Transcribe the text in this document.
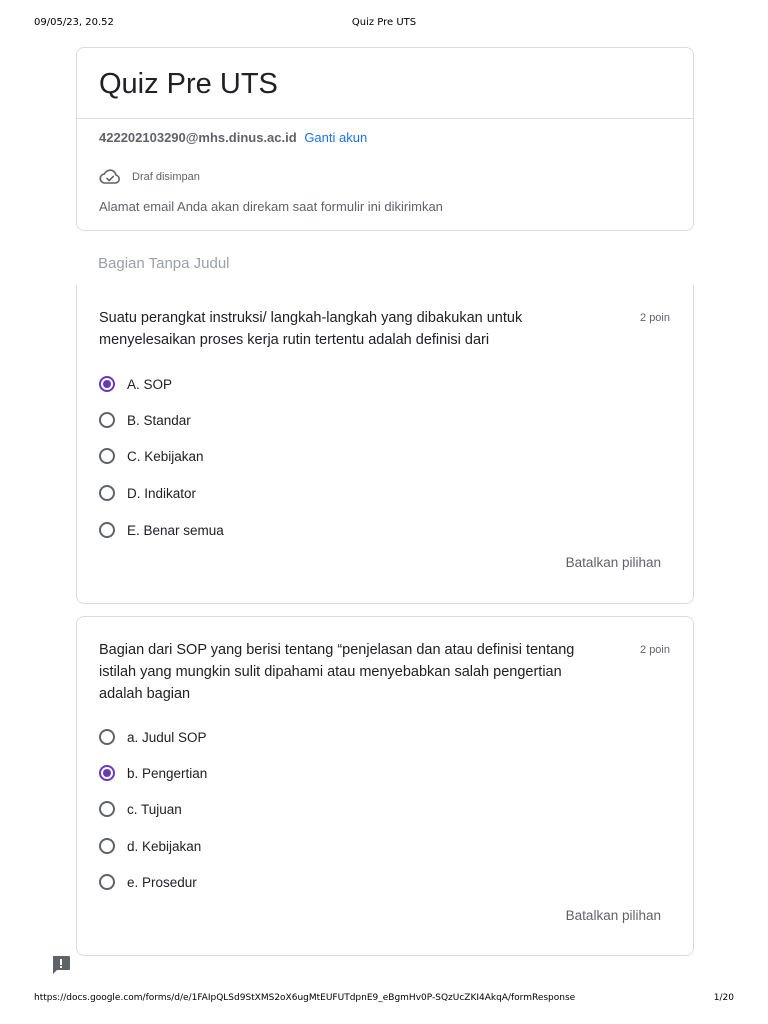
09/05/23, 20.52	Quiz Pre UTS
Quiz Pre UTS
422202103290@mhs.dinus.ac.id Ganti akun
Draf disimpan
Alamat email Anda akan direkam saat formulir ini dikirimkan
Bagian Tanpa Judul
Suatu perangkat instruksi/ langkah-langkah yang dibakukan untuk menyelesaikan proses kerja rutin tertentu adalah definisi dari
2 poin
A. SOP
B. Standar
C. Kebijakan
D. Indikator
E. Benar semua
Batalkan pilihan
Bagian dari SOP yang berisi tentang “penjelasan dan atau definisi tentang istilah yang mungkin sulit dipahami atau menyebabkan salah pengertian adalah bagian
2 poin
a. Judul SOP
b. Pengertian
c. Tujuan
d. Kebijakan
e. Prosedur
Batalkan pilihan
https://docs.google.com/forms/d/e/1FAIpQLSd9StXMS2oX6ugMtEUFUTdpnE9_eBgmHv0P-SQzUcZKI4AkqA/formResponse	1/20
